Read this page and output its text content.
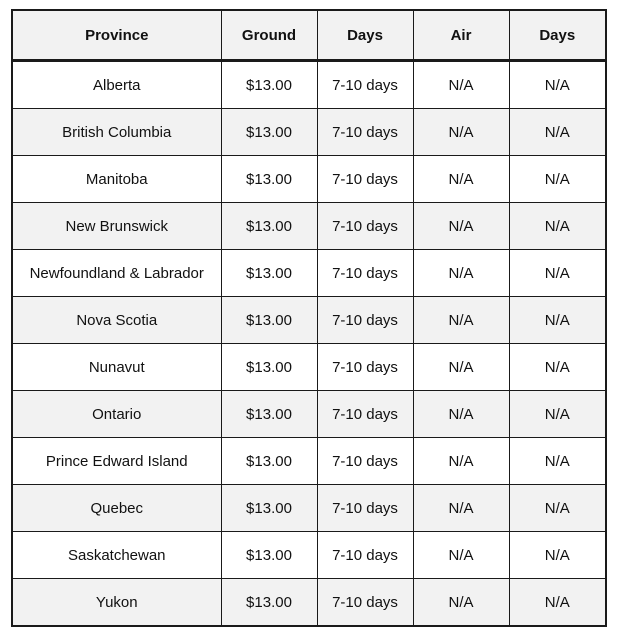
Province	Ground	Days	Air	Days
Alberta	$13.00	7-10 days	N/A	N/A
British Columbia	$13.00	7-10 days	N/A	N/A
Manitoba	$13.00	7-10 days	N/A	N/A
New Brunswick	$13.00	7-10 days	N/A	N/A
Newfoundland & Labrador	$13.00	7-10 days	N/A	N/A
Nova Scotia	$13.00	7-10 days	N/A	N/A
Nunavut	$13.00	7-10 days	N/A	N/A
Ontario	$13.00	7-10 days	N/A	N/A
Prince Edward Island	$13.00	7-10 days	N/A	N/A
Quebec	$13.00	7-10 days	N/A	N/A
Saskatchewan	$13.00	7-10 days	N/A	N/A
Yukon	$13.00	7-10 days	N/A	N/A
